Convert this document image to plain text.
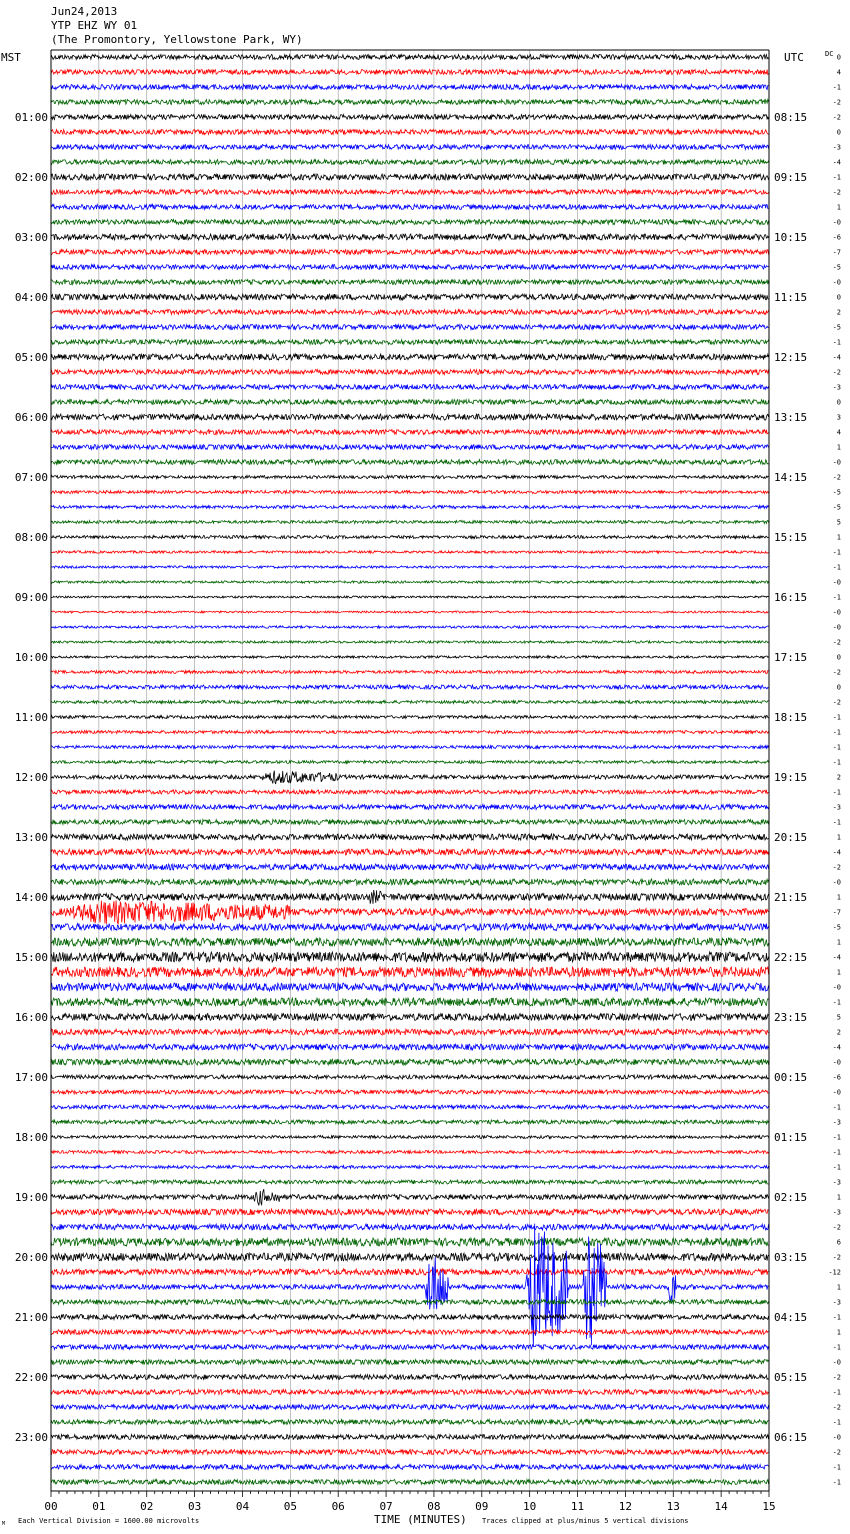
Jun24,2013
YTP EHZ WY 01
(The Promontory, Yellowstone Park, WY)
00	01	02	03	04	05	06	07	08	09	10	11	12	13	14	15
01:00
02:00
03:00
04:00
05:00
06:00
07:00
08:00
09:00
10:00
11:00
12:00
13:00
14:00
15:00
16:00
17:00
18:00
19:00
20:00
21:00
22:00
23:00
08:15
09:15
10:15
11:15
12:15
13:15
14:15
15:15
16:15
17:15
18:15
19:15
20:15
21:15
22:15
23:15
00:15
01:15
02:15
03:15
04:15
05:15
06:15
0
4
-1
-2
-2
0
-3
-4
-1
-2
1
-0
-6
-7
-5
-0
0
2
-5
-1
-4
-2
-3
0
3
4
1
-0
-2
-5
-5
5
1
-1
-1
-0
-1
-0
-0
-2
0
-2
0
-2
-1
-1
-1
-1
2
-1
-3
-1
1
-4
-2
-0
1
-7
-5
1
-4
1
-0
-1
5
2
-4
-0
-6
-0
-1
-3
-1
-1
-1
-3
1
-3
-2
6
-2
-12
1
-3
-1
1
-1
-0
-2
-1
-2
-1
-0
-2
-1
-1
MST	UTC	DC
TIME (MINUTES)
Each Vertical Division = 1600.00 microvolts	Traces clipped at plus/minus 5 vertical divisions
M
